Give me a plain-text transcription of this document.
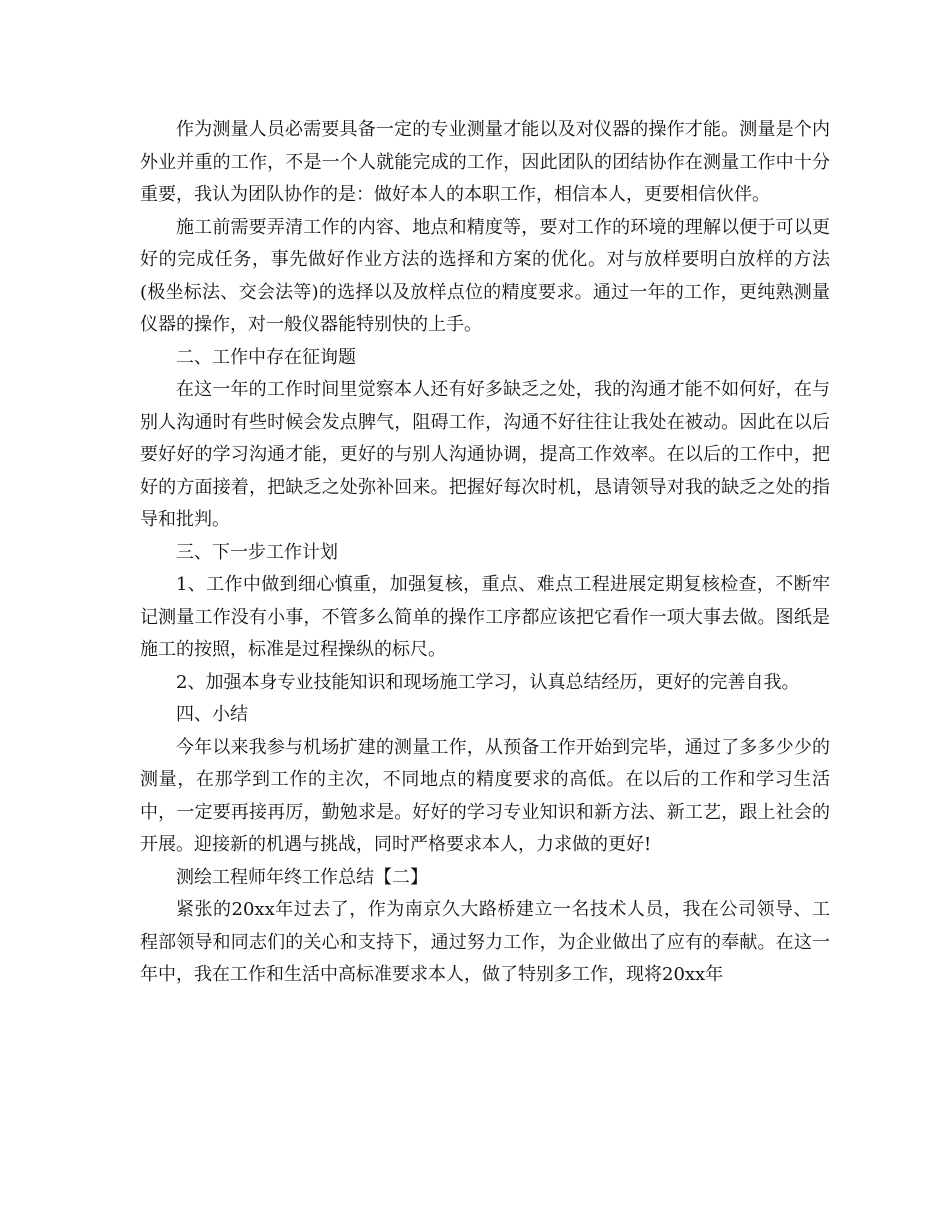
作为测量人员必需要具备一定的专业测量才能以及对仪器的操作才能。测量是个内外业并重的工作，不是一个人就能完成的工作，因此团队的团结协作在测量工作中十分重要，我认为团队协作的是：做好本人的本职工作，相信本人，更要相信伙伴。

施工前需要弄清工作的内容、地点和精度等，要对工作的环境的理解以便于可以更好的完成任务，事先做好作业方法的选择和方案的优化。对与放样要明白放样的方法(极坐标法、交会法等)的选择以及放样点位的精度要求。通过一年的工作，更纯熟测量仪器的操作，对一般仪器能特别快的上手。

二、工作中存在征询题

在这一年的工作时间里觉察本人还有好多缺乏之处，我的沟通才能不如何好，在与别人沟通时有些时候会发点脾气，阻碍工作，沟通不好往往让我处在被动。因此在以后要好好的学习沟通才能，更好的与别人沟通协调，提高工作效率。在以后的工作中，把好的方面接着，把缺乏之处弥补回来。把握好每次时机，恳请领导对我的缺乏之处的指导和批判。

三、下一步工作计划

1、工作中做到细心慎重，加强复核，重点、难点工程进展定期复核检查，不断牢记测量工作没有小事，不管多么简单的操作工序都应该把它看作一项大事去做。图纸是施工的按照，标准是过程操纵的标尺。

2、加强本身专业技能知识和现场施工学习，认真总结经历，更好的完善自我。

四、小结

今年以来我参与机场扩建的测量工作，从预备工作开始到完毕，通过了多多少少的测量，在那学到工作的主次，不同地点的精度要求的高低。在以后的工作和学习生活中，一定要再接再厉，勤勉求是。好好的学习专业知识和新方法、新工艺，跟上社会的开展。迎接新的机遇与挑战，同时严格要求本人，力求做的更好!

测绘工程师年终工作总结【二】

紧张的20xx年过去了，作为南京久大路桥建立一名技术人员，我在公司领导、工程部领导和同志们的关心和支持下，通过努力工作，为企业做出了应有的奉献。在这一年中，我在工作和生活中高标准要求本人，做了特别多工作，现将20xx年
